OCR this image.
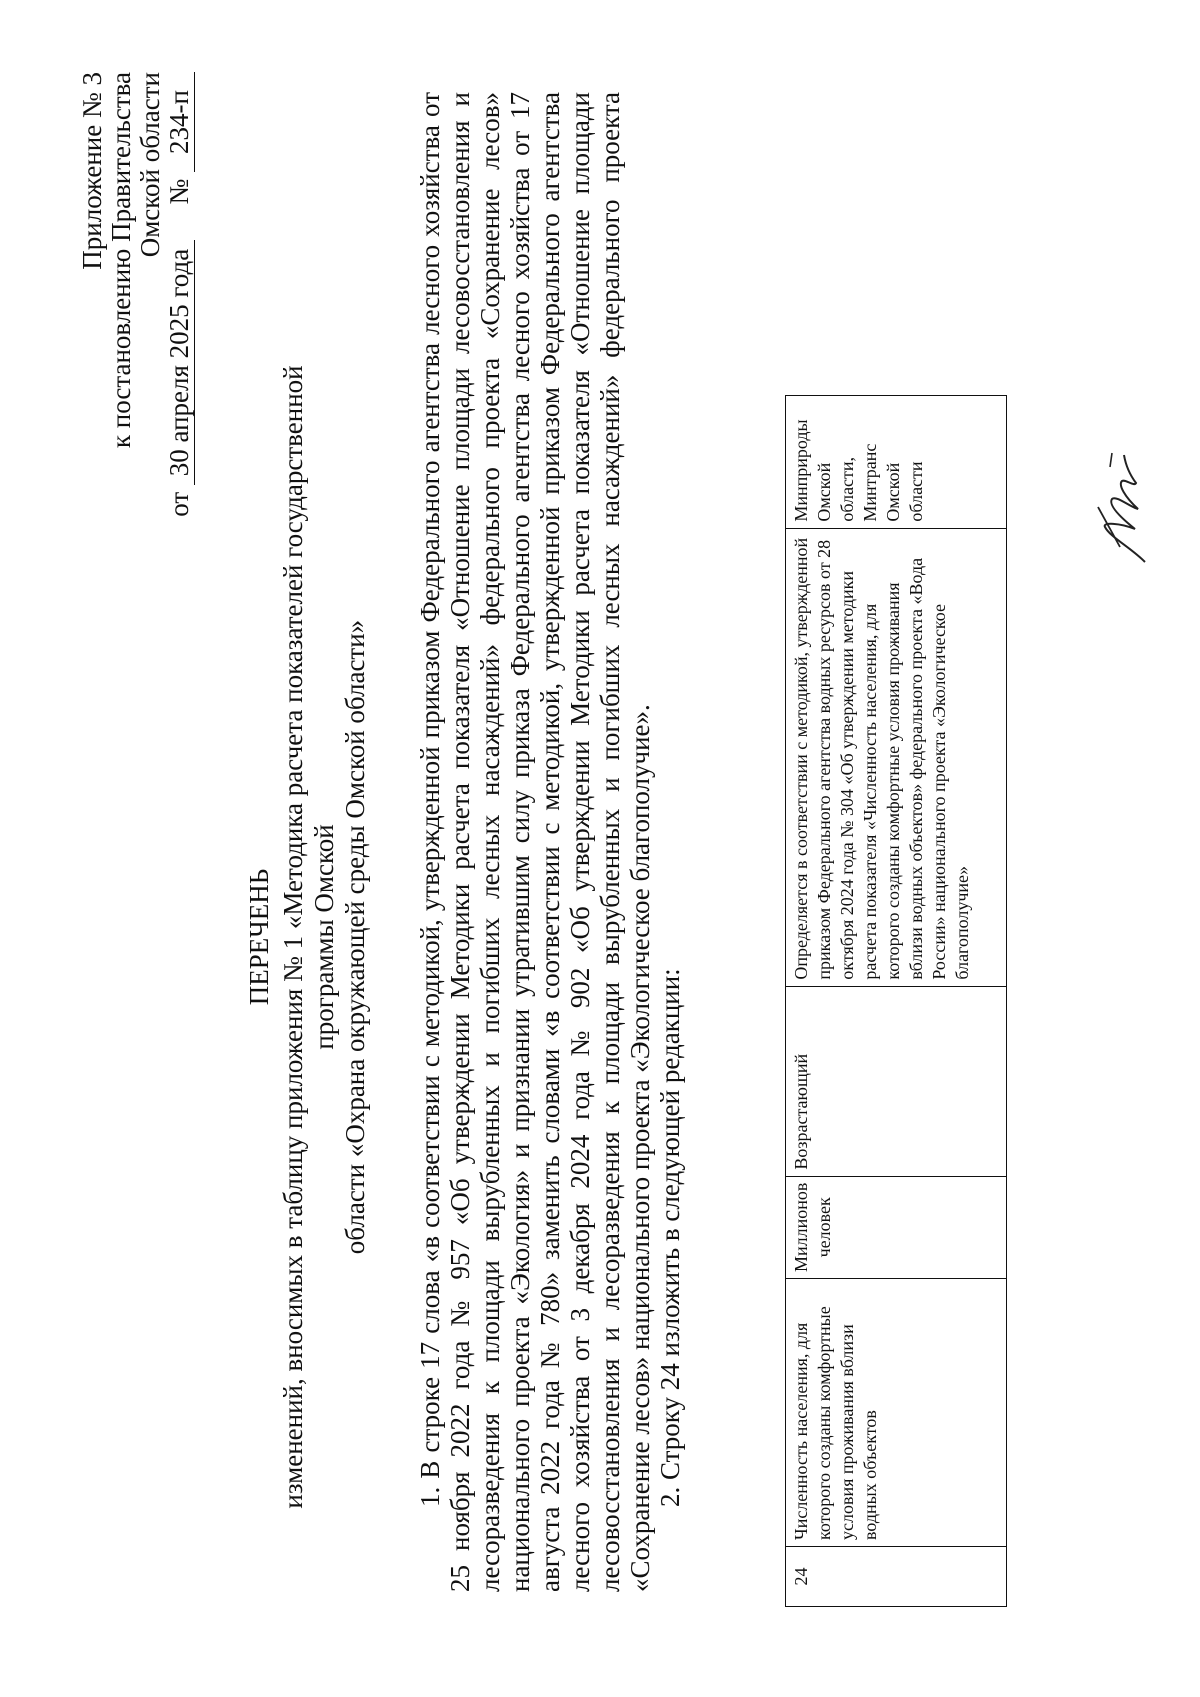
Приложение № 3 к постановлению Правительства Омской области
от 30 апреля 2025 года  № 234-п
ПЕРЕЧЕНЬ изменений, вносимых в таблицу приложения № 1 «Методика расчета показателей государственной программы Омской области «Охрана окружающей среды Омской области» 1. В строке 17 слова «в соответствии с методикой, утвержденной приказом Федерального агентства лесного хозяйства от 25 ноября 2022 года № 957 «Об утверждении Методики расчета показателя «Отношение площади лесовосстановления и лесоразведения к площади вырубленных и погибших лесных насаждений» федерального проекта «Сохранение лесов» национального проекта «Экология» и признании утратившим силу приказа Федерального агентства лесного хозяйства от 17 августа 2022 года № 780» заменить словами «в соответствии с методикой, утвержденной приказом Федерального агентства лесного хозяйства от 3 декабря 2024 года № 902 «Об утверждении Методики расчета показателя «Отношение площади лесовосстановления и лесоразведения к площади вырубленных и погибших лесных насаждений» федерального проекта «Сохранение лесов» национального проекта «Экологическое благополучие». 2. Строку 24 изложить в следующей редакции:

24	Численность населения, для которого созданы комфортные условия проживания вблизи водных объектов	Миллионов человек	Возрастающий	Определяется в соответствии с методикой, утвержденной приказом Федерального агентства водных ресурсов от 28 октября 2024 года № 304 «Об утверждении методики расчета показателя «Численность населения, для которого созданы комфортные условия проживания вблизи водных объектов» федерального проекта «Вода России» национального проекта «Экологическое благополучие»	Минприроды Омской области, Минтранс Омской области
